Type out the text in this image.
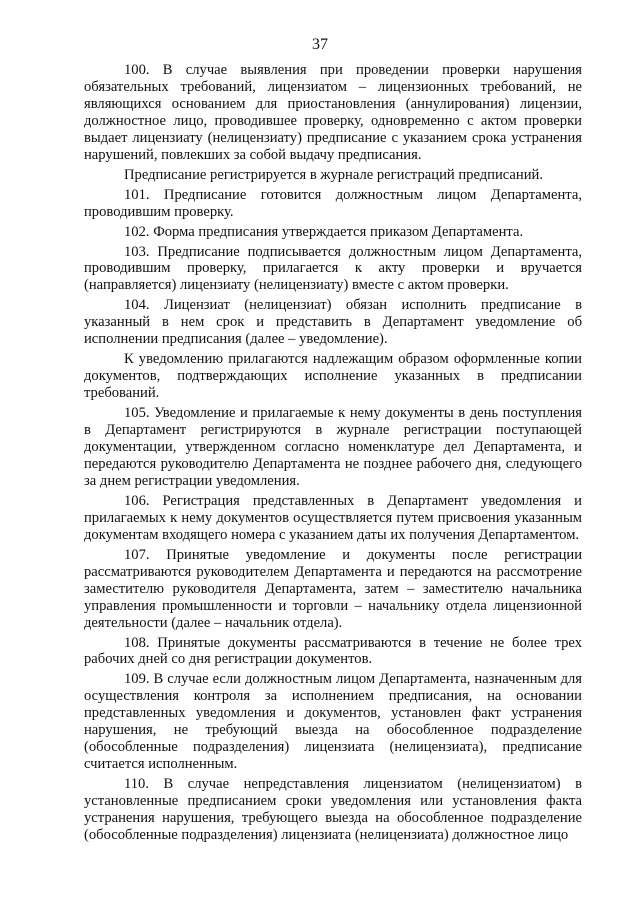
37

100. В случае выявления при проведении проверки нарушения обязательных требований, лицензиатом – лицензионных требований, не являющихся основанием для приостановления (аннулирования) лицензии, должностное лицо, проводившее проверку, одновременно с актом проверки выдает лицензиату (нелицензиату) предписание с указанием срока устранения нарушений, повлекших за собой выдачу предписания.

Предписание регистрируется в журнале регистраций предписаний.

101. Предписание готовится должностным лицом Департамента, проводившим проверку.

102. Форма предписания утверждается приказом Департамента.

103. Предписание подписывается должностным лицом Департамента, проводившим проверку, прилагается к акту проверки и вручается (направляется) лицензиату (нелицензиату) вместе с актом проверки.

104. Лицензиат (нелицензиат) обязан исполнить предписание в указанный в нем срок и представить в Департамент уведомление об исполнении предписания (далее – уведомление).

К уведомлению прилагаются надлежащим образом оформленные копии документов, подтверждающих исполнение указанных в предписании требований.

105. Уведомление и прилагаемые к нему документы в день поступления в Департамент регистрируются в журнале регистрации поступающей документации, утвержденном согласно номенклатуре дел Департамента, и передаются руководителю Департамента не позднее рабочего дня, следующего за днем регистрации уведомления.

106. Регистрация представленных в Департамент уведомления и прилагаемых к нему документов осуществляется путем присвоения указанным документам входящего номера с указанием даты их получения Департаментом.

107. Принятые уведомление и документы после регистрации рассматриваются руководителем Департамента и передаются на рассмотрение заместителю руководителя Департамента, затем – заместителю начальника управления промышленности и торговли – начальнику отдела лицензионной деятельности (далее – начальник отдела).

108. Принятые документы рассматриваются в течение не более трех рабочих дней со дня регистрации документов.

109. В случае если должностным лицом Департамента, назначенным для осуществления контроля за исполнением предписания, на основании представленных уведомления и документов, установлен факт устранения нарушения, не требующий выезда на обособленное подразделение (обособленные подразделения) лицензиата (нелицензиата), предписание считается исполненным.

110. В случае непредставления лицензиатом (нелицензиатом) в установленные предписанием сроки уведомления или установления факта устранения нарушения, требующего выезда на обособленное подразделение (обособленные подразделения) лицензиата (нелицензиата) должностное лицо
